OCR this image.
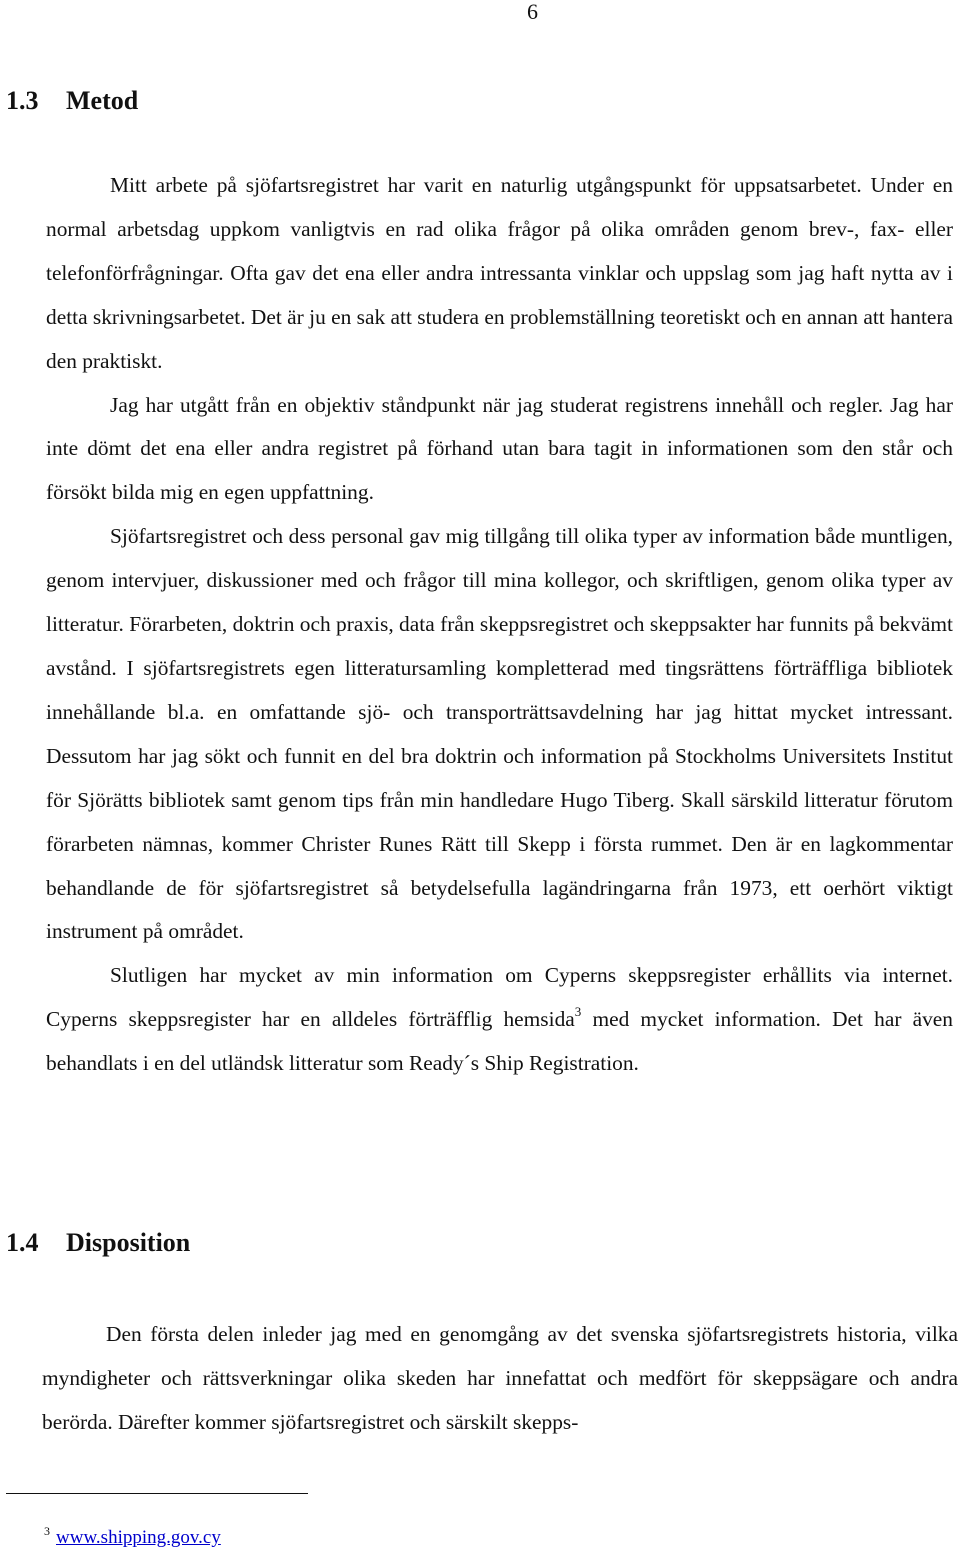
6
1.3 Metod

Mitt arbete på sjöfartsregistret har varit en naturlig utgångspunkt för uppsatsarbetet. Under en normal arbetsdag uppkom vanligtvis en rad olika frågor på olika områden genom brev-, fax- eller telefonförfrågningar. Ofta gav det ena eller andra intressanta vinklar och uppslag som jag haft nytta av i detta skrivningsarbetet. Det är ju en sak att studera en problemställning teoretiskt och en annan att hantera den praktiskt.

Jag har utgått från en objektiv ståndpunkt när jag studerat registrens innehåll och regler. Jag har inte dömt det ena eller andra registret på förhand utan bara tagit in informationen som den står och försökt bilda mig en egen uppfattning.

Sjöfartsregistret och dess personal gav mig tillgång till olika typer av information både muntligen, genom intervjuer, diskussioner med och frågor till mina kollegor, och skriftligen, genom olika typer av litteratur. Förarbeten, doktrin och praxis, data från skeppsregistret och skeppsakter har funnits på bekvämt avstånd. I sjöfartsregistrets egen litteratursamling kompletterad med tingsrättens förträffliga bibliotek innehållande bl.a. en omfattande sjö- och transporträttsavdelning har jag hittat mycket intressant. Dessutom har jag sökt och funnit en del bra doktrin och information på Stockholms Universitets Institut för Sjörätts bibliotek samt genom tips från min handledare Hugo Tiberg. Skall särskild litteratur förutom förarbeten nämnas, kommer Christer Runes Rätt till Skepp i första rummet. Den är en lagkommentar behandlande de för sjöfartsregistret så betydelsefulla lagändringarna från 1973, ett oerhört viktigt instrument på området.

Slutligen har mycket av min information om Cyperns skeppsregister erhållits via internet. Cyperns skeppsregister har en alldeles förträfflig hemsida$^3$ med mycket information. Det har även behandlats i en del utländsk litteratur som Ready´s Ship Registration.

1.4 Disposition

Den första delen inleder jag med en genomgång av det svenska sjöfartsregistrets historia, vilka myndigheter och rättsverkningar olika skeden har innefattat och medfört för skeppsägare och andra berörda. Därefter kommer sjöfartsregistret och särskilt skepps-

$^3$ www.shipping.gov.cy
